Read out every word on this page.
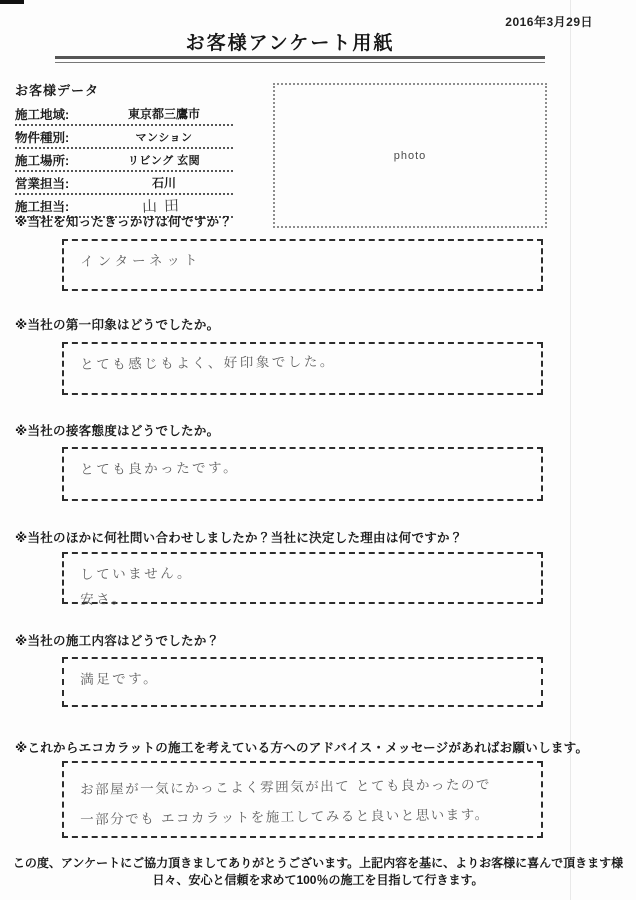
2016年3月29日
お客様アンケート用紙
お客様データ
施工地域:	東京都三鷹市
物件種別:	マンション
施工場所:	リビング 玄関
営業担当:	石川
施工担当:	山田
photo
※当社を知ったきっかけは何ですか？
インターネット
※当社の第一印象はどうでしたか。
とても感じもよく、好印象でした。
※当社の接客態度はどうでしたか。
とても良かったです。
※当社のほかに何社問い合わせしましたか？当社に決定した理由は何ですか？
していません。
安さ。
※当社の施工内容はどうでしたか？
満足です。
※これからエコカラットの施工を考えている方へのアドバイス・メッセージがあればお願いします。
お部屋が一気にかっこよく雰囲気が出て とても良かったので
一部分でも エコカラットを施工してみると良いと思います。
この度、アンケートにご協力頂きましてありがとうございます。上記内容を基に、よりお客様に喜んで頂きます様
日々、安心と信頼を求めて100％の施工を目指して行きます。
